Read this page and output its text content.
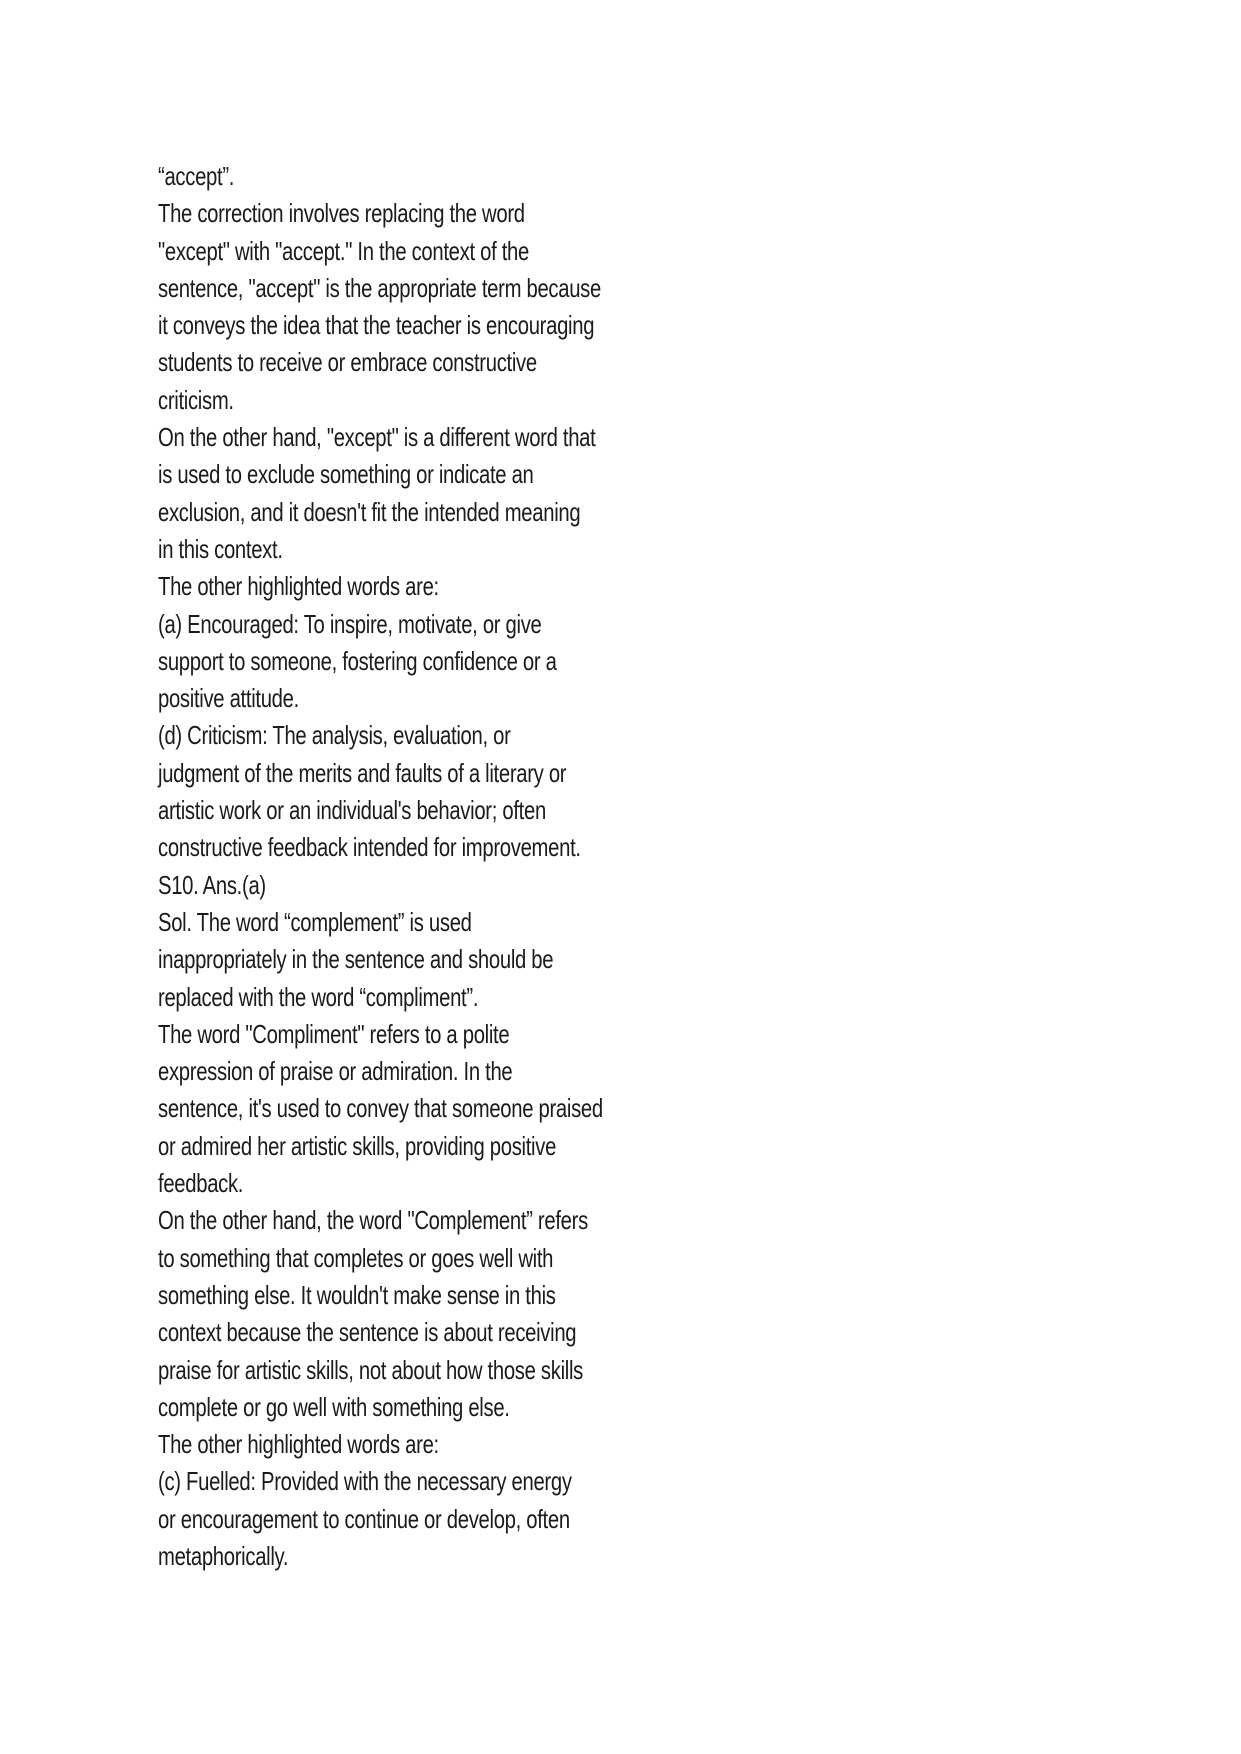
“accept”.
The correction involves replacing the word
"except" with "accept." In the context of the
sentence, "accept" is the appropriate term because
it conveys the idea that the teacher is encouraging
students to receive or embrace constructive
criticism.
On the other hand, "except" is a different word that
is used to exclude something or indicate an
exclusion, and it doesn't fit the intended meaning
in this context.
The other highlighted words are:
(a) Encouraged: To inspire, motivate, or give
support to someone, fostering confidence or a
positive attitude.
(d) Criticism: The analysis, evaluation, or
judgment of the merits and faults of a literary or
artistic work or an individual's behavior; often
constructive feedback intended for improvement.
S10. Ans.(a)
Sol. The word “complement” is used
inappropriately in the sentence and should be
replaced with the word “compliment”.
The word "Compliment" refers to a polite
expression of praise or admiration. In the
sentence, it's used to convey that someone praised
or admired her artistic skills, providing positive
feedback.
On the other hand, the word "Complement” refers
to something that completes or goes well with
something else. It wouldn't make sense in this
context because the sentence is about receiving
praise for artistic skills, not about how those skills
complete or go well with something else.
The other highlighted words are:
(c) Fuelled: Provided with the necessary energy
or encouragement to continue or develop, often
metaphorically.
